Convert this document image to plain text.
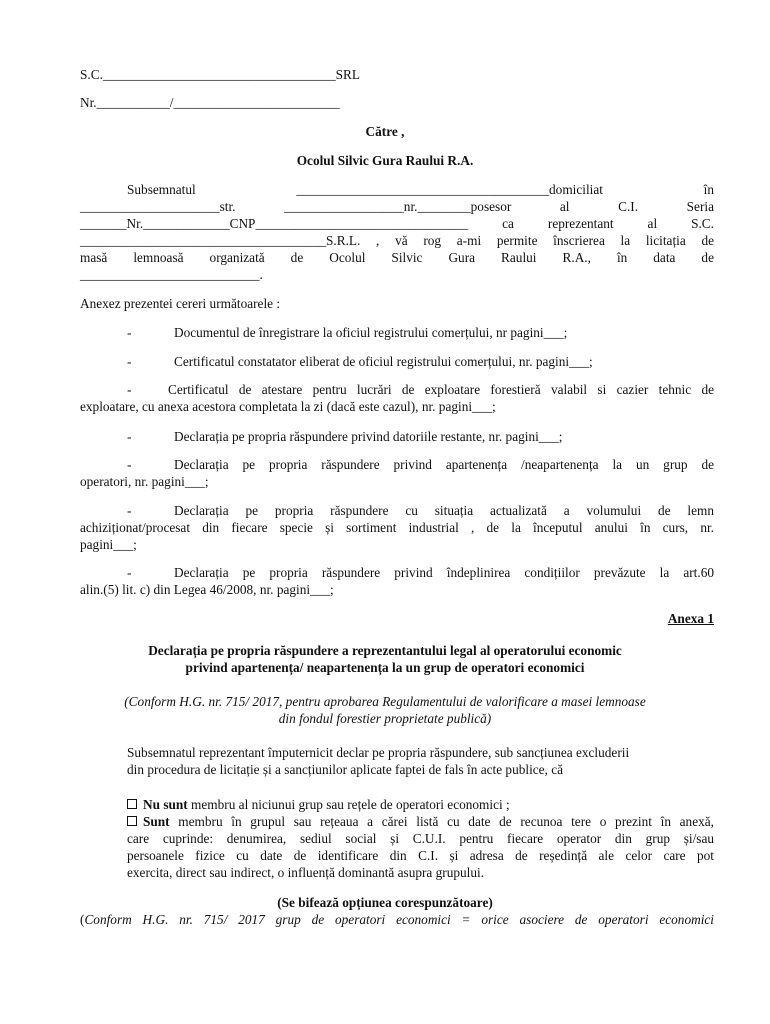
S.C.___________________________________SRL
Nr.___________/_________________________
Către ,
Ocolul Silvic Gura Raului R.A.
Subsemnatul ______________________________________domiciliat în
_____________________str. __________________nr.________posesor al C.I. Seria
_______Nr._____________CNP________________________________ ca reprezentant al S.C.
_____________________________________S.R.L. , vă rog a-mi permite înscrierea la licitația de
masă lemnoasă organizată de Ocolul Silvic Gura Raului R.A., în data de
___________________________.
Anexez prezentei cereri următoarele :
-	Documentul de înregistrare la oficiul registrului comerțului, nr pagini___;
-	Certificatul constatator eliberat de oficiul registrului comerțului, nr. pagini___;
-	Certificatul de atestare pentru lucrări de exploatare forestieră valabil si cazier tehnic de
exploatare, cu anexa acestora completata la zi (dacă este cazul), nr. pagini___;
-	Declarația pe propria răspundere privind datoriile restante, nr. pagini___;
-	Declarația pe propria răspundere privind apartenența /neapartenența la un grup de
operatori, nr. pagini___;
-	Declarația pe propria răspundere cu situația actualizată a volumului de lemn
achiziționat/procesat din fiecare specie și sortiment industrial , de la începutul anului în curs, nr.
pagini___;
-	Declarația pe propria răspundere privind îndeplinirea condițiilor prevăzute la art.60
alin.(5) lit. c) din Legea 46/2008, nr. pagini___;
Anexa 1
Declarația pe propria răspundere a reprezentantului legal al operatorului economic
privind apartenența/ neapartenența la un grup de operatori economici
(Conform H.G. nr. 715/ 2017, pentru aprobarea Regulamentului de valorificare a masei lemnoase
din fondul forestier proprietate publică)
Subsemnatul reprezentant împuternicit declar pe propria răspundere, sub sancțiunea excluderii
din procedura de licitație și a sancțiunilor aplicate faptei de fals în acte publice, că
Nu sunt membru al niciunui grup sau rețele de operatori economici ;
Sunt membru în grupul sau rețeaua a cărei listă cu date de recunoa tere o prezint în anexă,
care cuprinde: denumirea, sediul social și C.U.I. pentru fiecare operator din grup și/sau
persoanele fizice cu date de identificare din C.I. și adresa de reședință ale celor care pot
exercita, direct sau indirect, o influență dominantă asupra grupului.
(Se bifează opțiunea corespunzătoare)
(Conform H.G. nr. 715/ 2017 grup de operatori economici = orice asociere de operatori economici
